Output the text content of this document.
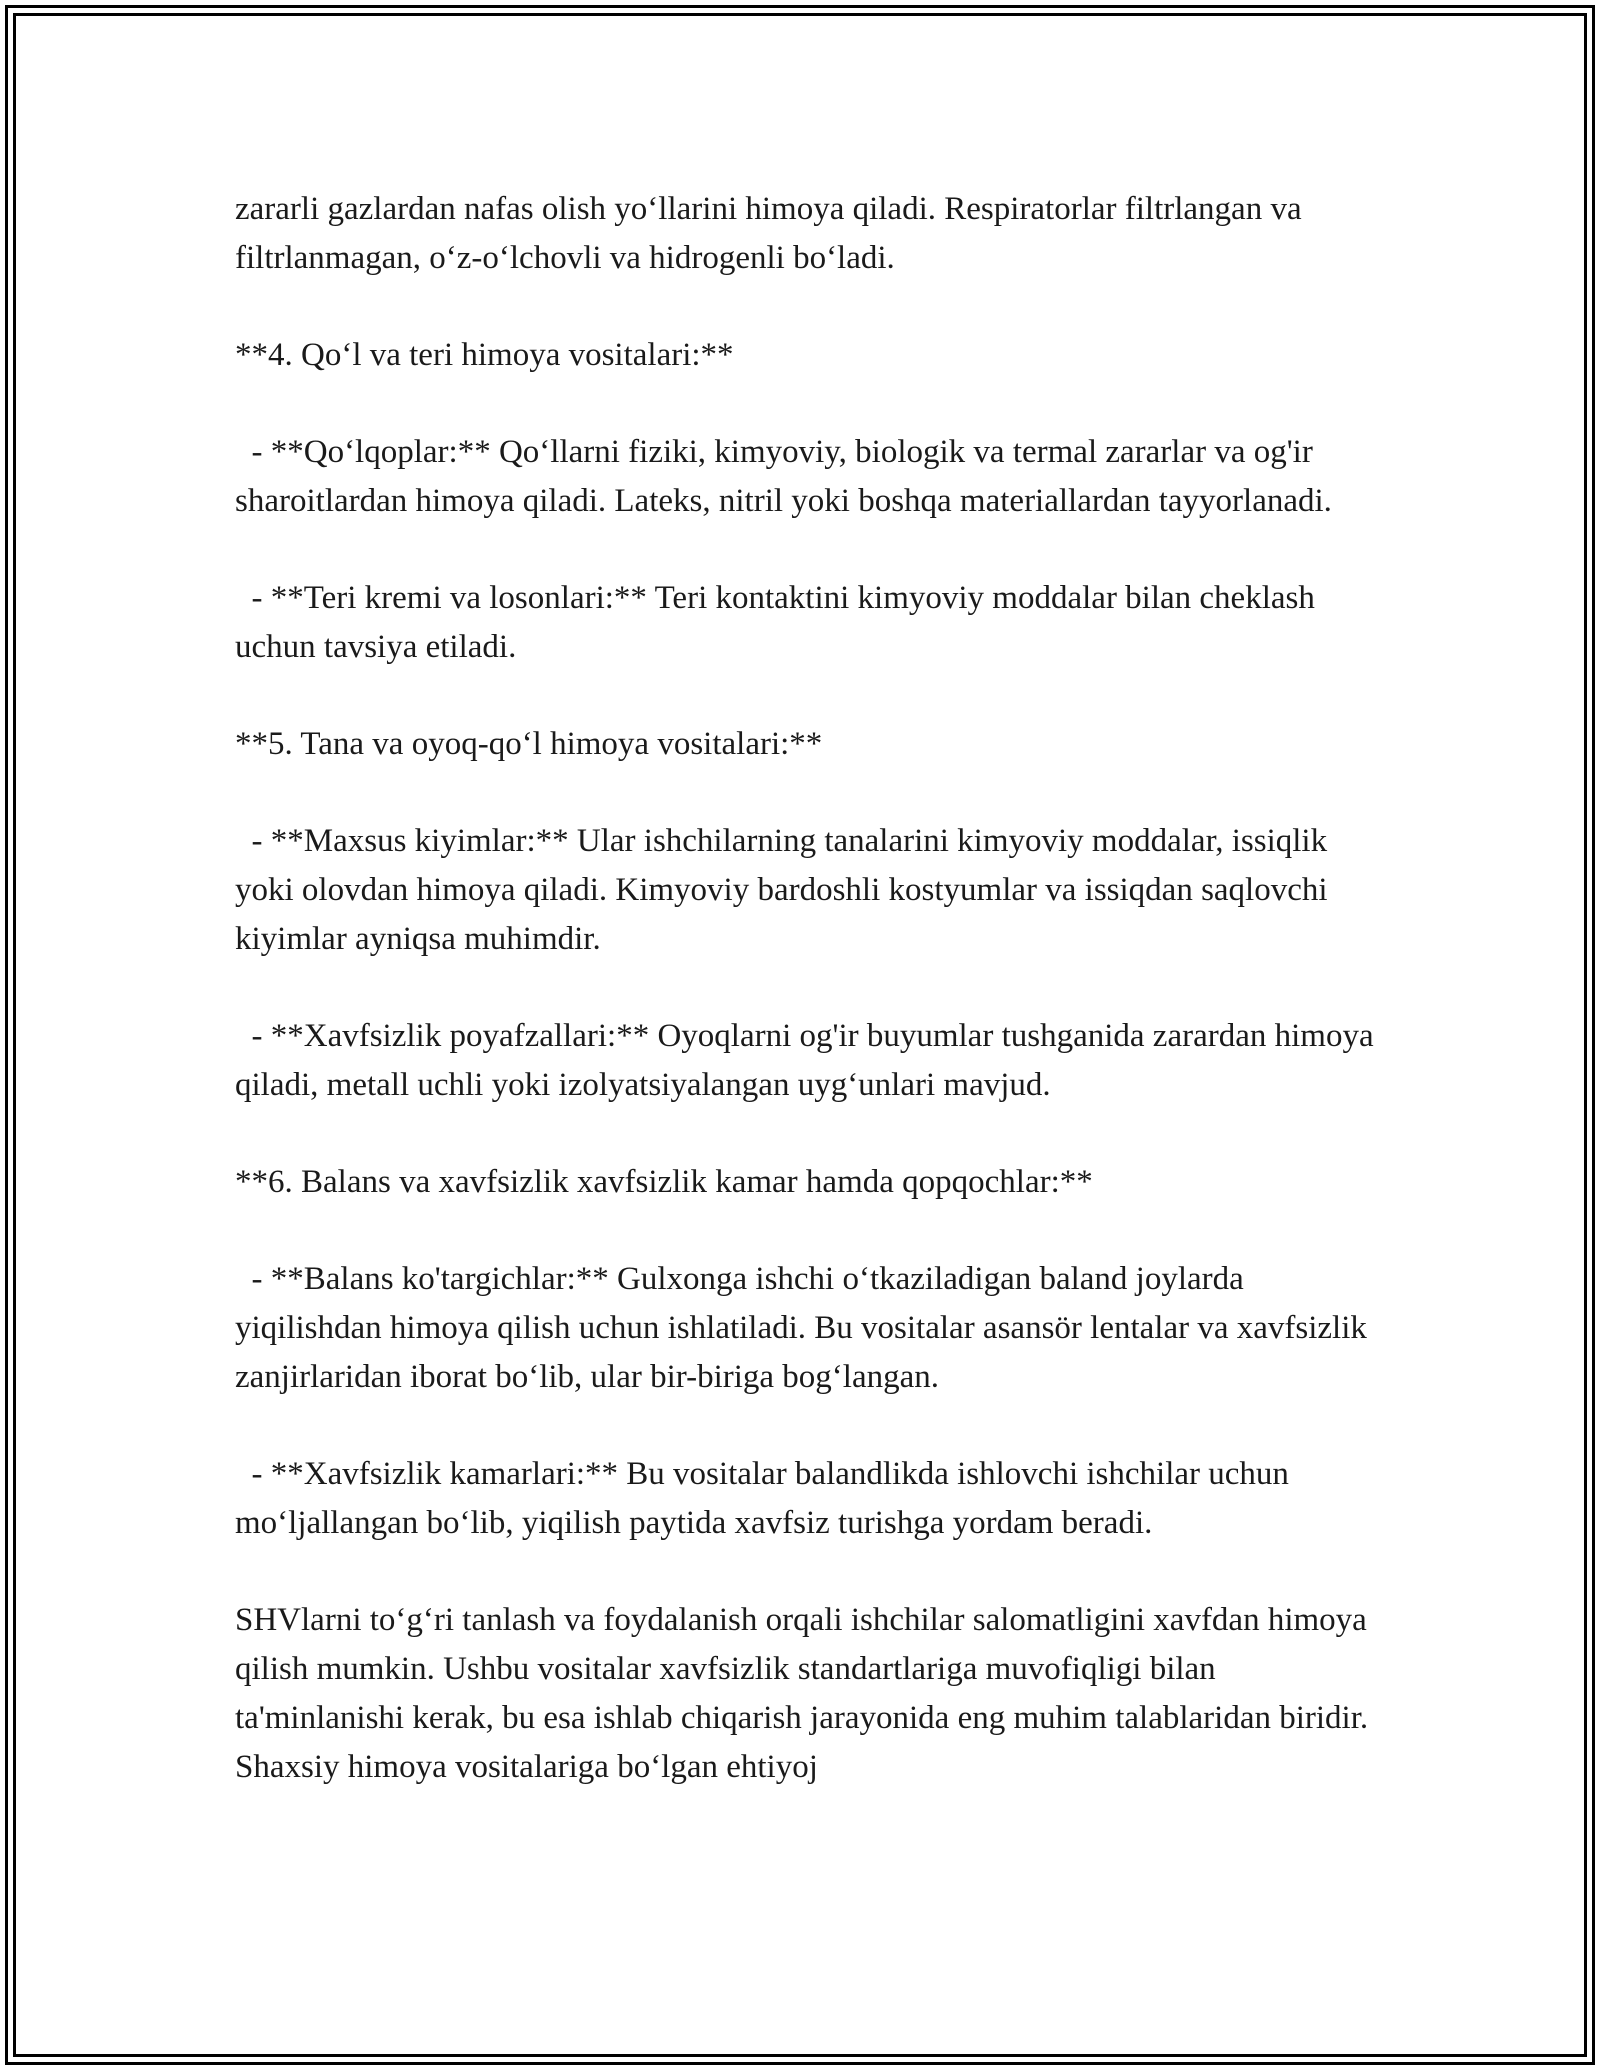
zararli gazlardan nafas olish yo‘llarini himoya qiladi. Respiratorlar filtrlangan va filtrlanmagan, o‘z-o‘lchovli va hidrogenli bo‘ladi.

**4. Qo‘l va teri himoya vositalari:**

- **Qo‘lqoplar:** Qo‘llarni fiziki, kimyoviy, biologik va termal zararlar va og'ir sharoitlardan himoya qiladi. Lateks, nitril yoki boshqa materiallardan tayyorlanadi.

- **Teri kremi va losonlari:** Teri kontaktini kimyoviy moddalar bilan cheklash uchun tavsiya etiladi.

**5. Tana va oyoq-qo‘l himoya vositalari:**

- **Maxsus kiyimlar:** Ular ishchilarning tanalarini kimyoviy moddalar, issiqlik yoki olovdan himoya qiladi. Kimyoviy bardoshli kostyumlar va issiqdan saqlovchi kiyimlar ayniqsa muhimdir.

- **Xavfsizlik poyafzallari:** Oyoqlarni og'ir buyumlar tushganida zarardan himoya qiladi, metall uchli yoki izolyatsiyalangan uyg‘unlari mavjud.

**6. Balans va xavfsizlik xavfsizlik kamar hamda qopqochlar:**

- **Balans ko'targichlar:** Gulxonga ishchi o‘tkaziladigan baland joylarda yiqilishdan himoya qilish uchun ishlatiladi. Bu vositalar asansör lentalar va xavfsizlik zanjirlaridan iborat bo‘lib, ular bir-biriga bog‘langan.

- **Xavfsizlik kamarlari:** Bu vositalar balandlikda ishlovchi ishchilar uchun mo‘ljallangan bo‘lib, yiqilish paytida xavfsiz turishga yordam beradi.

SHVlarni to‘g‘ri tanlash va foydalanish orqali ishchilar salomatligini xavfdan himoya qilish mumkin. Ushbu vositalar xavfsizlik standartlariga muvofiqligi bilan ta'minlanishi kerak, bu esa ishlab chiqarish jarayonida eng muhim talablaridan biridir. Shaxsiy himoya vositalariga bo‘lgan ehtiyoj
